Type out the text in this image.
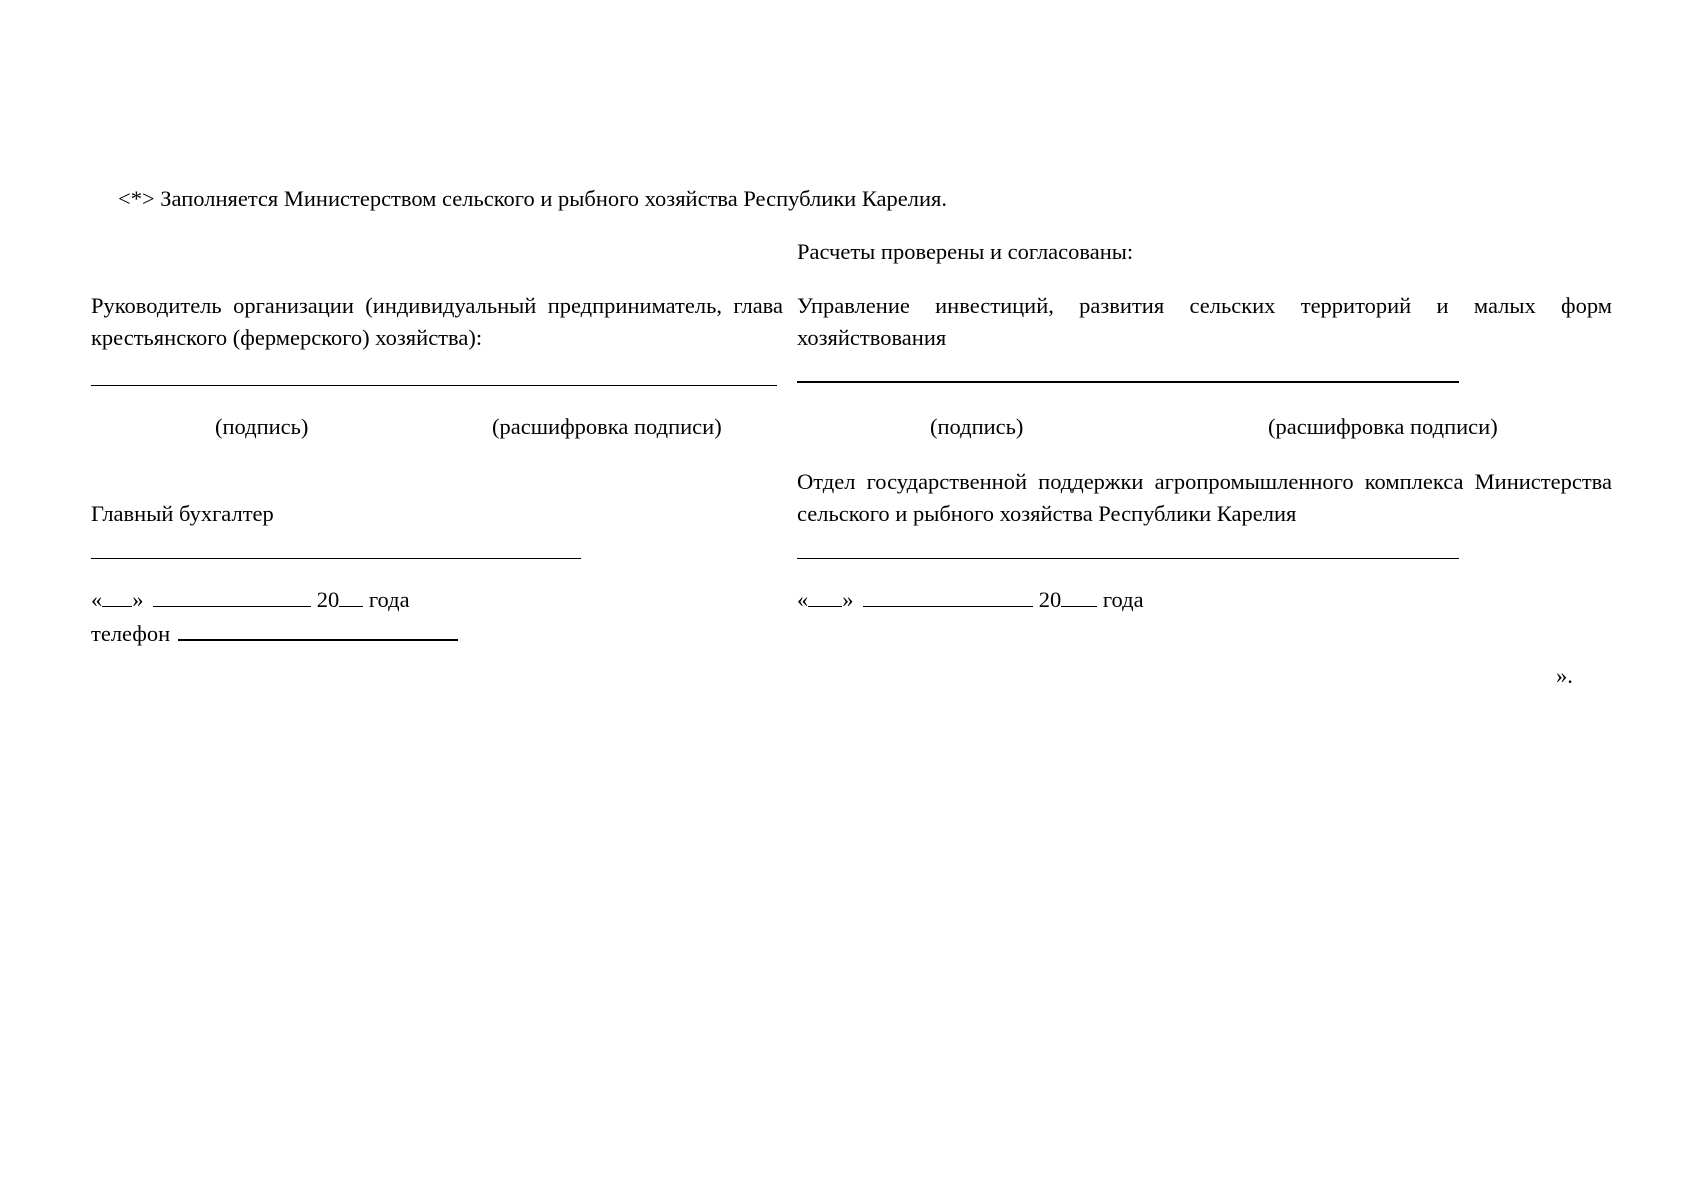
<*> Заполняется Министерством сельского и рыбного хозяйства Республики Карелия.
Расчеты проверены и согласованы:
Руководитель организации (индивидуальный предприниматель, глава крестьянского (фермерского) хозяйства):
Управление инвестиций, развития сельских территорий и малых форм хозяйствования
(подпись)	(расшифровка подписи)	(подпись)	(расшифровка подписи)
Отдел государственной поддержки агропромышленного комплекса Министерства сельского и рыбного хозяйства Республики Карелия
Главный бухгалтер
« »	20 года	« »	20 года
телефон
».
